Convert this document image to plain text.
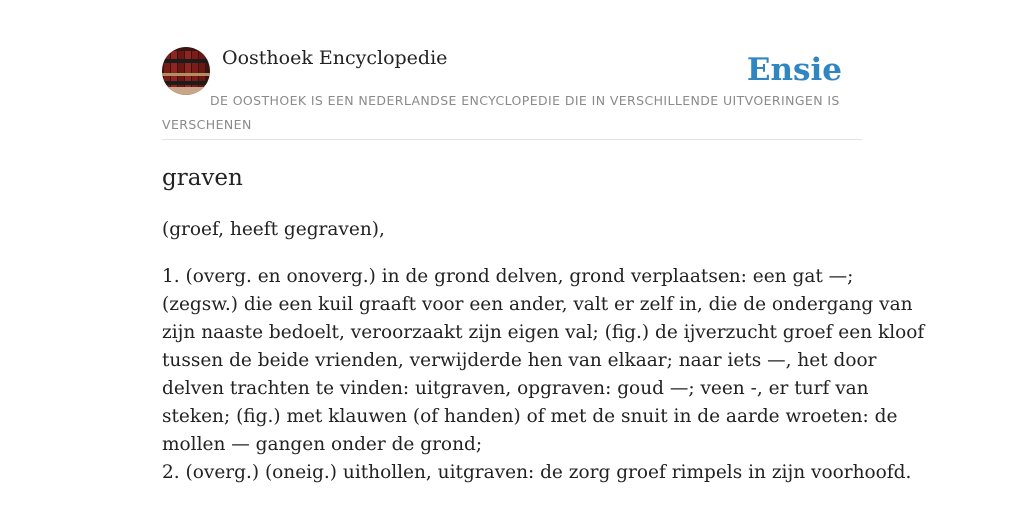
Oosthoek Encyclopedie	Ensie
DE OOSTHOEK IS EEN NEDERLANDSE ENCYCLOPEDIE DIE IN VERSCHILLENDE UITVOERINGEN IS VERSCHENEN
graven
(groef, heeft gegraven),

1. (overg. en onoverg.) in de grond delven, grond verplaatsen: een gat —;
(zegsw.) die een kuil graaft voor een ander, valt er zelf in, die de ondergang van
zijn naaste bedoelt, veroorzaakt zijn eigen val; (fig.) de ijverzucht groef een kloof
tussen de beide vrienden, verwijderde hen van elkaar; naar iets —, het door
delven trachten te vinden: uitgraven, opgraven: goud —; veen -, er turf van
steken; (fig.) met klauwen (of handen) of met de snuit in de aarde wroeten: de
mollen — gangen onder de grond;
2. (overg.) (oneig.) uithollen, uitgraven: de zorg groef rimpels in zijn voorhoofd.
